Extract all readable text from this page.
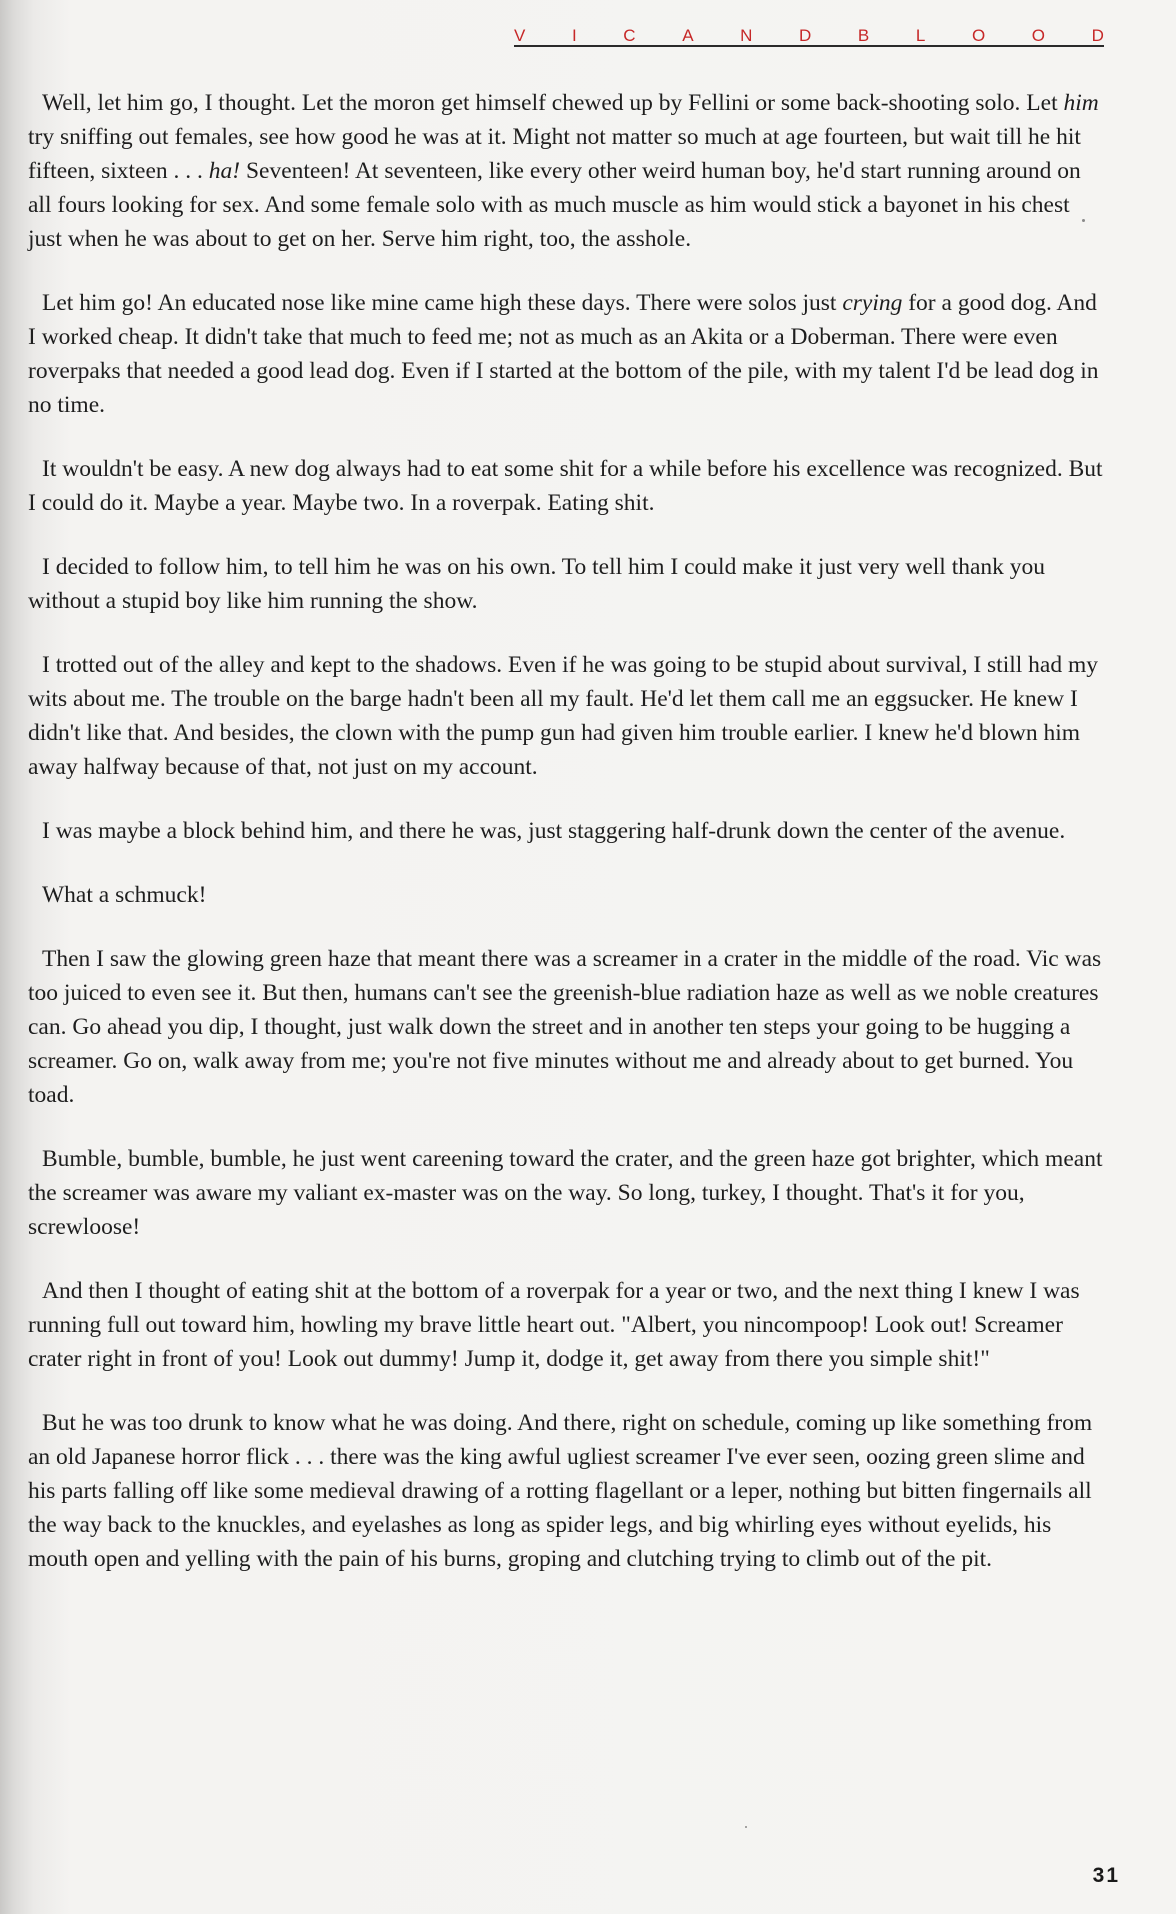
V	I	C	A	N	D	B	L	O	O	D

Well, let him go, I thought. Let the moron get himself chewed up by Fellini or some back-shooting solo. Let him try sniffing out females, see how good he was at it. Might not matter so much at age fourteen, but wait till he hit fifteen, sixteen . . . ha! Seventeen! At seventeen, like every other weird human boy, he'd start running around on all fours looking for sex. And some female solo with as much muscle as him would stick a bayonet in his chest just when he was about to get on her. Serve him right, too, the asshole.

Let him go! An educated nose like mine came high these days. There were solos just crying for a good dog. And I worked cheap. It didn't take that much to feed me; not as much as an Akita or a Doberman. There were even roverpaks that needed a good lead dog. Even if I started at the bottom of the pile, with my talent I'd be lead dog in no time.

It wouldn't be easy. A new dog always had to eat some shit for a while before his excellence was recognized. But I could do it. Maybe a year. Maybe two. In a roverpak. Eating shit.

I decided to follow him, to tell him he was on his own. To tell him I could make it just very well thank you without a stupid boy like him running the show.

I trotted out of the alley and kept to the shadows. Even if he was going to be stupid about survival, I still had my wits about me. The trouble on the barge hadn't been all my fault. He'd let them call me an eggsucker. He knew I didn't like that. And besides, the clown with the pump gun had given him trouble earlier. I knew he'd blown him away halfway because of that, not just on my account.

I was maybe a block behind him, and there he was, just staggering half-drunk down the center of the avenue.

What a schmuck!

Then I saw the glowing green haze that meant there was a screamer in a crater in the middle of the road. Vic was too juiced to even see it. But then, humans can't see the greenish-blue radiation haze as well as we noble creatures can. Go ahead you dip, I thought, just walk down the street and in another ten steps your going to be hugging a screamer. Go on, walk away from me; you're not five minutes without me and already about to get burned. You toad.

Bumble, bumble, bumble, he just went careening toward the crater, and the green haze got brighter, which meant the screamer was aware my valiant ex-master was on the way. So long, turkey, I thought. That's it for you, screwloose!

And then I thought of eating shit at the bottom of a roverpak for a year or two, and the next thing I knew I was running full out toward him, howling my brave little heart out. "Albert, you nincompoop! Look out! Screamer crater right in front of you! Look out dummy! Jump it, dodge it, get away from there you simple shit!"

But he was too drunk to know what he was doing. And there, right on schedule, coming up like something from an old Japanese horror flick . . . there was the king awful ugliest screamer I've ever seen, oozing green slime and his parts falling off like some medieval drawing of a rotting flagellant or a leper, nothing but bitten fingernails all the way back to the knuckles, and eyelashes as long as spider legs, and big whirling eyes without eyelids, his mouth open and yelling with the pain of his burns, groping and clutching trying to climb out of the pit.

31
